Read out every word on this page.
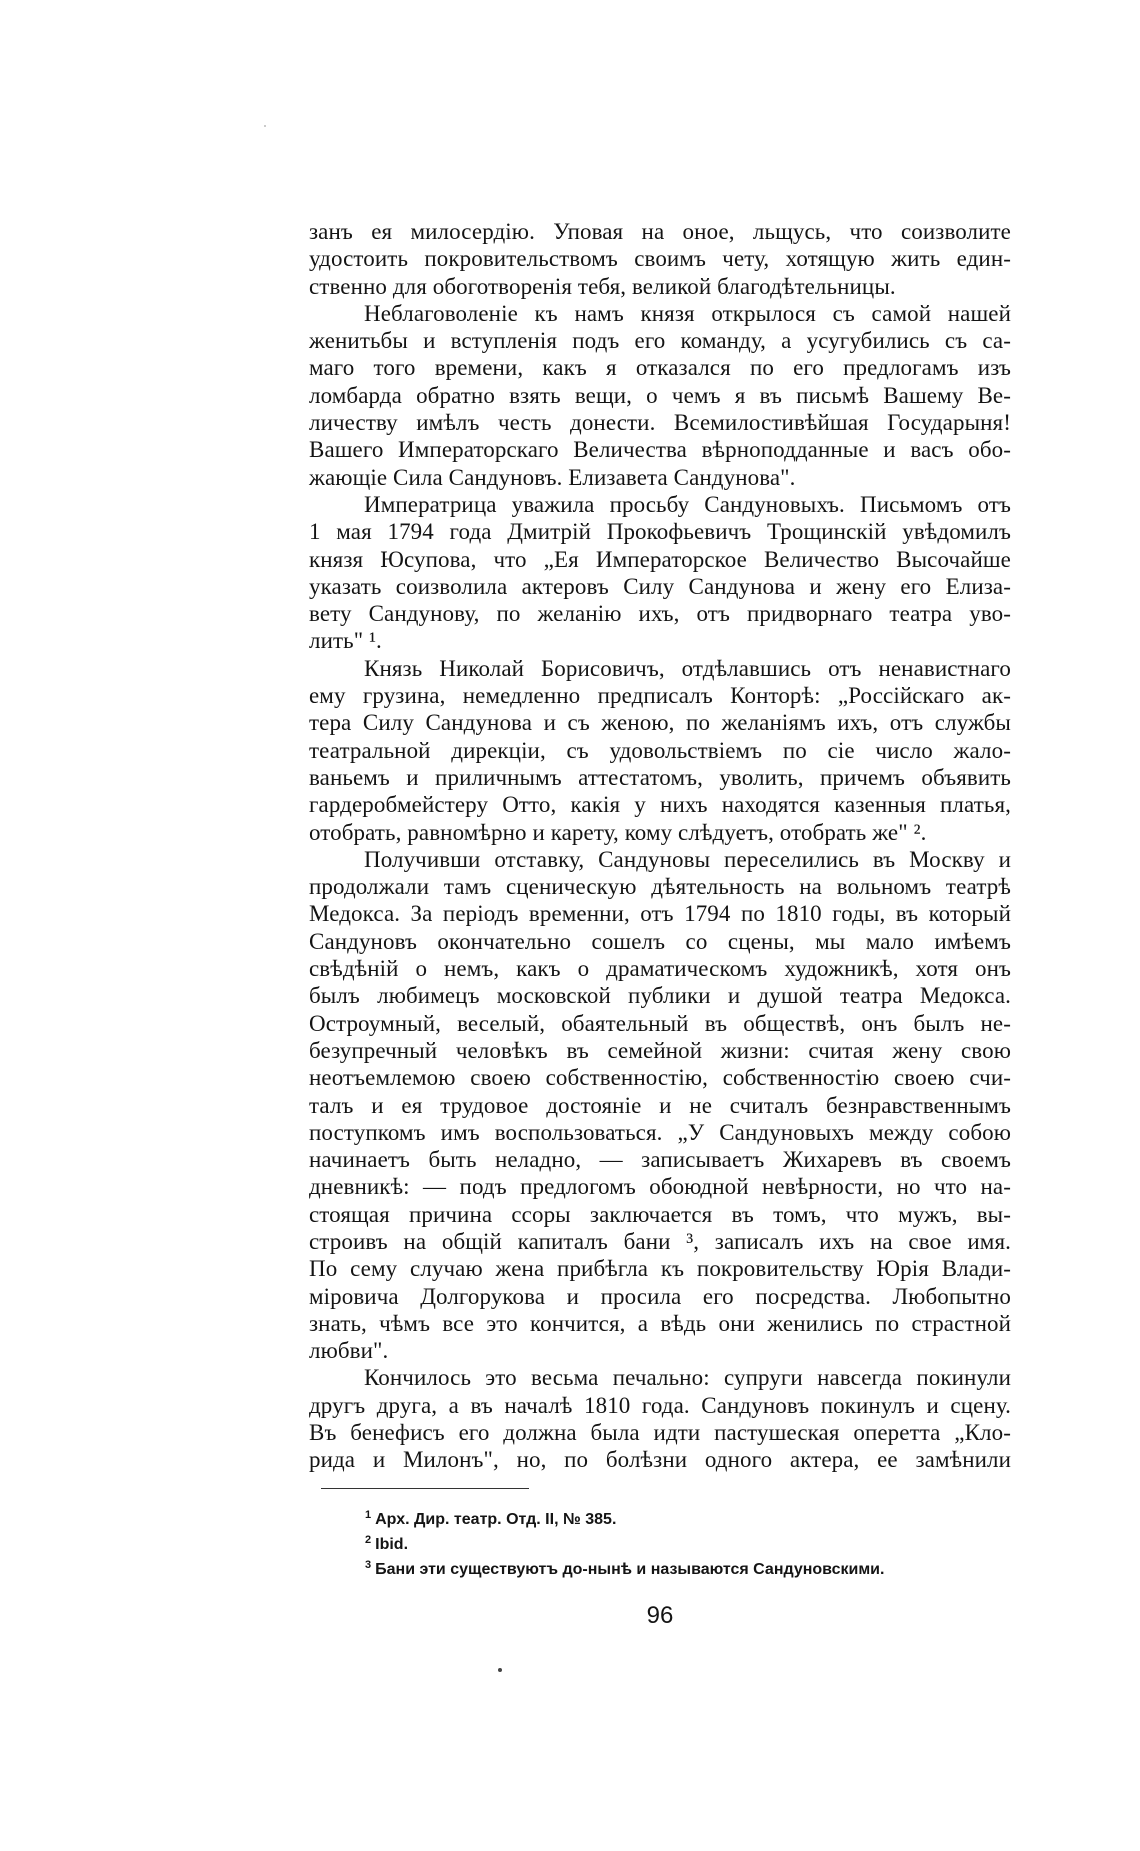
занъ ея милосердію. Уповая на оное, льщусь, что соизволите
удостоить покровительствомъ своимъ чету, хотящую жить един-
ственно для обоготворенія тебя, великой благодѣтельницы.
Неблаговоленіе къ намъ князя открылося съ самой нашей
женитьбы и вступленія подъ его команду, а усугубились съ са-
маго того времени, какъ я отказался по его предлогамъ изъ
ломбарда обратно взять вещи, о чемъ я въ письмѣ Вашему Ве-
личеству имѣлъ честь донести. Всемилостивѣйшая Государыня!
Вашего Императорскаго Величества вѣрноподданные и васъ обо-
жающіе Сила Сандуновъ. Елизавета Сандунова".
Императрица уважила просьбу Сандуновыхъ. Письмомъ отъ
1 мая 1794 года Дмитрій Прокофьевичъ Трощинскій увѣдомилъ
князя Юсупова, что „Ея Императорское Величество Высочайше
указать соизволила актеровъ Силу Сандунова и жену его Елиза-
вету Сандунову, по желанію ихъ, отъ придворнаго театра уво-
лить" ¹.
Князь Николай Борисовичъ, отдѣлавшись отъ ненавистнаго
ему грузина, немедленно предписалъ Конторѣ: „Россійскаго ак-
тера Силу Сандунова и съ женою, по желаніямъ ихъ, отъ службы
театральной дирекціи, съ удовольствіемъ по сіе число жало-
ваньемъ и приличнымъ аттестатомъ, уволить, причемъ объявить
гардеробмейстеру Отто, какія у нихъ находятся казенныя платья,
отобрать, равномѣрно и карету, кому слѣдуетъ, отобрать же" ².
Получивши отставку, Сандуновы переселились въ Москву и
продолжали тамъ сценическую дѣятельность на вольномъ театрѣ
Медокса. За періодъ временни, отъ 1794 по 1810 годы, въ который
Сандуновъ окончательно сошелъ со сцены, мы мало имѣемъ
свѣдѣній о немъ, какъ о драматическомъ художникѣ, хотя онъ
былъ любимецъ московской публики и душой театра Медокса.
Остроумный, веселый, обаятельный въ обществѣ, онъ былъ не-
безупречный человѣкъ въ семейной жизни: считая жену свою
неотъемлемою своею собственностію, собственностію своею счи-
талъ и ея трудовое достояніе и не считалъ безнравственнымъ
поступкомъ имъ воспользоваться. „У Сандуновыхъ между собою
начинаетъ быть неладно, — записываетъ Жихаревъ въ своемъ
дневникѣ: — подъ предлогомъ обоюдной невѣрности, но что на-
стоящая причина ссоры заключается въ томъ, что мужъ, вы-
строивъ на общій капиталъ бани ³, записалъ ихъ на свое имя.
По сему случаю жена прибѣгла къ покровительству Юрія Влади-
міровича Долгорукова и просила его посредства. Любопытно
знать, чѣмъ все это кончится, а вѣдь они женились по страстной
любви".
Кончилось это весьма печально: супруги навсегда покинули
другъ друга, а въ началѣ 1810 года. Сандуновъ покинулъ и сцену.
Въ бенефисъ его должна была идти пастушеская оперетта „Кло-
рида и Милонъ", но, по болѣзни одного актера, ее замѣнили
$^1$ Арх. Дир. театр. Отд. II, № 385.
$^2$ Ibid.
$^3$ Бани эти существуютъ до-нынѣ и называются Сандуновскими.
96
